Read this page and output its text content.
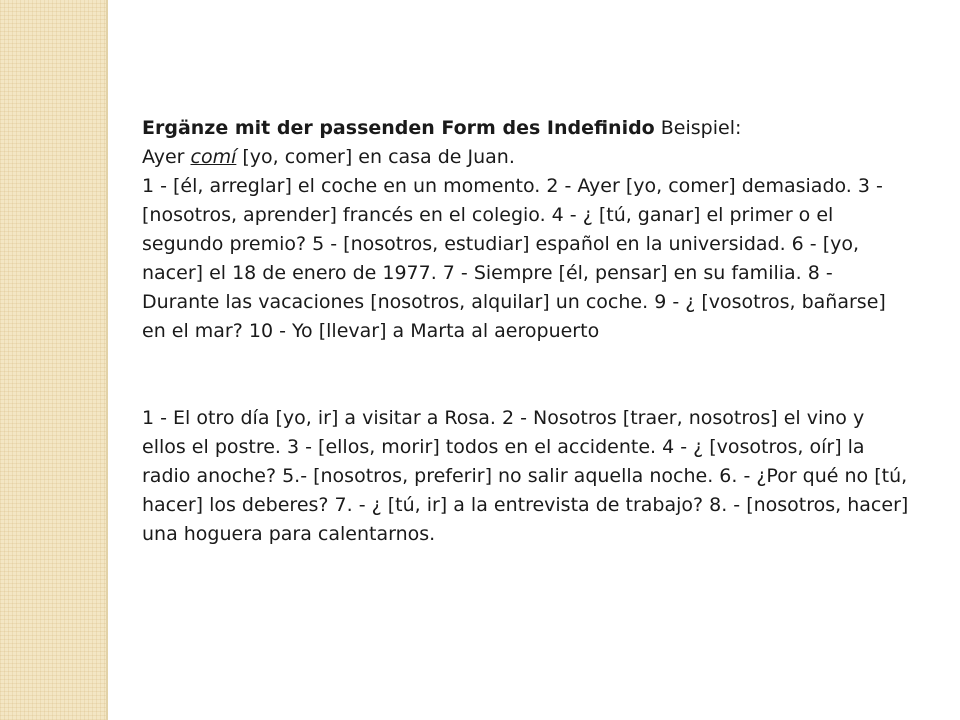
Ergänze mit der passenden Form des Indefinido Beispiel:

Ayer comí [yo, comer] en casa de Juan.

1 - [él, arreglar] el coche en un momento. 2 - Ayer [yo, comer] demasiado. 3 - [nosotros, aprender] francés en el colegio. 4 - ¿ [tú, ganar] el primer o el segundo premio? 5 - [nosotros, estudiar] español en la universidad. 6 - [yo, nacer] el 18 de enero de 1977. 7 - Siempre [él, pensar] en su familia. 8 - Durante las vacaciones [nosotros, alquilar] un coche. 9 - ¿ [vosotros, bañarse] en el mar? 10 - Yo [llevar] a Marta al aeropuerto

1 - El otro día [yo, ir] a visitar a Rosa. 2 - Nosotros [traer, nosotros] el vino y ellos el postre. 3 - [ellos, morir] todos en el accidente. 4 - ¿ [vosotros, oír] la radio anoche? 5.- [nosotros, preferir] no salir aquella noche. 6. - ¿Por qué no [tú, hacer] los deberes? 7. - ¿ [tú, ir] a la entrevista de trabajo? 8. - [nosotros, hacer] una hoguera para calentarnos.
